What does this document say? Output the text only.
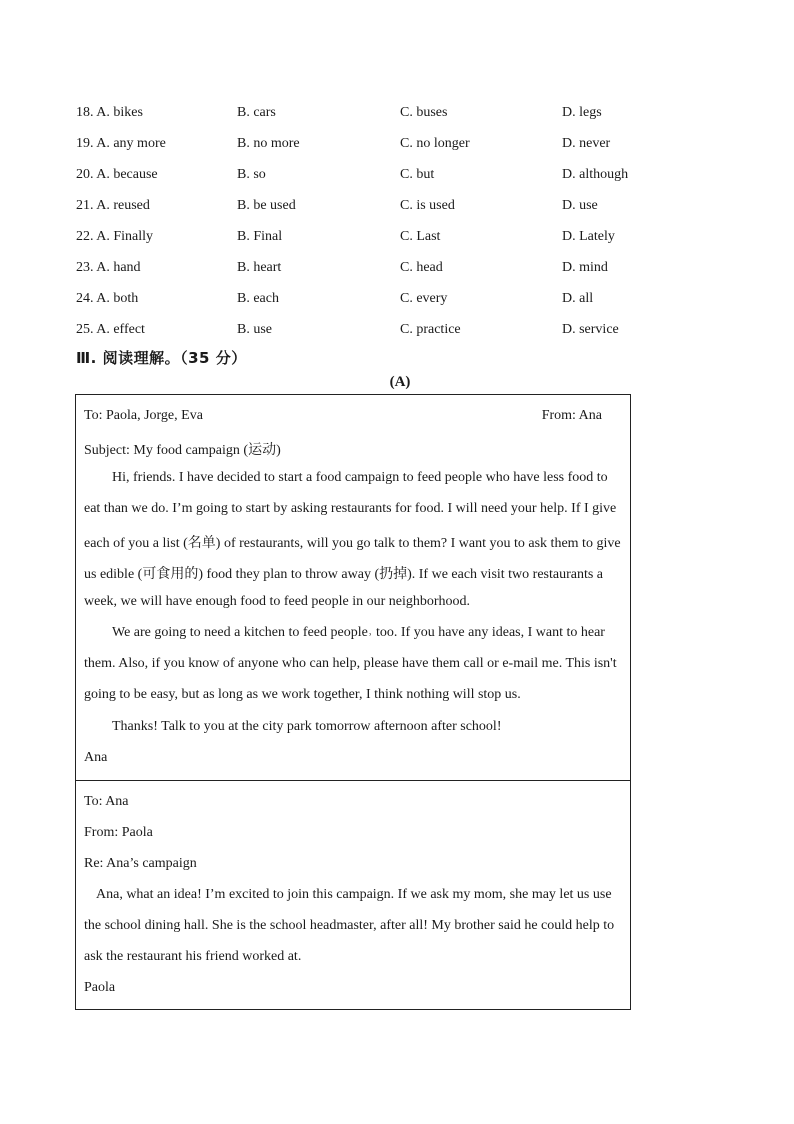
18. A. bikes	B. cars	C. buses	D. legs
19. A. any more	B. no more	C. no longer	D. never
20. A. because	B. so	C. but	D. although
21. A. reused	B. be used	C. is used	D. use
22. A. Finally	B. Final	C. Last	D. Lately
23. A. hand	B. heart	C. head	D. mind
24. A. both	B. each	C. every	D. all
25. A. effect	B. use	C. practice	D. service
Ⅲ. 阅读理解。（35 分）
(A)
To: Paola, Jorge, Eva	From: Ana
Subject: My food campaign (运动)
Hi, friends. I have decided to start a food campaign to feed people who have less food to
eat than we do. I’m going to start by asking restaurants for food. I will need your help. If I give
each of you a list (名单) of restaurants, will you go talk to them? I want you to ask them to give
us edible (可食用的) food they plan to throw away (扔掉). If we each visit two restaurants a
week, we will have enough food to feed people in our neighborhood.
We are going to need a kitchen to feed people˒ too. If you have any ideas, I want to hear
them. Also, if you know of anyone who can help, please have them call or e-mail me. This isn't
going to be easy, but as long as we work together, I think nothing will stop us.
Thanks! Talk to you at the city park tomorrow afternoon after school!
Ana
To: Ana
From: Paola
Re: Ana’s campaign
Ana, what an idea! I’m excited to join this campaign. If we ask my mom, she may let us use
the school dining hall. She is the school headmaster, after all! My brother said he could help to
ask the restaurant his friend worked at.
Paola
